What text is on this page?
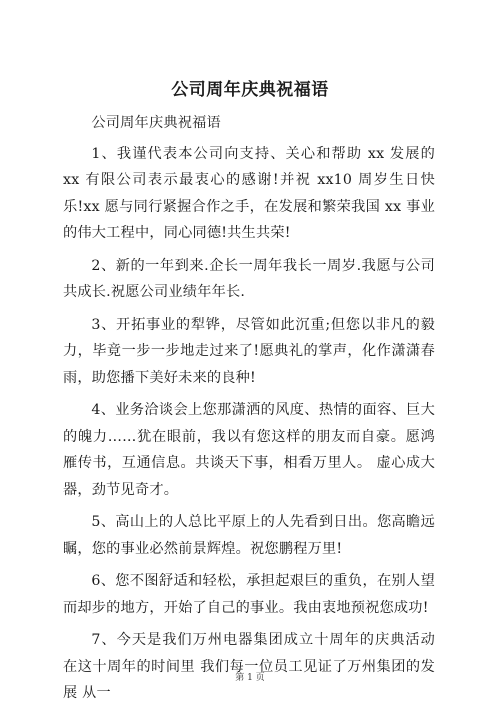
公司周年庆典祝福语

公司周年庆典祝福语

1、我谨代表本公司向支持、关心和帮助 xx 发展的 xx 有限公司表示最衷心的感谢!并祝 xx10 周岁生日快乐!xx 愿与同行紧握合作之手，在发展和繁荣我国 xx 事业的伟大工程中，同心同德!共生共荣!

2、新的一年到来.企长一周年我长一周岁.我愿与公司共成长.祝愿公司业绩年年长.

3、开拓事业的犁铧，尽管如此沉重;但您以非凡的毅力，毕竟一步一步地走过来了!愿典礼的掌声，化作潇潇春雨，助您播下美好未来的良种!

4、业务洽谈会上您那潇洒的风度、热情的面容、巨大的魄力……犹在眼前，我以有您这样的朋友而自豪。愿鸿雁传书，互通信息。共谈天下事，相看万里人。 虚心成大器，劲节见奇才。

5、高山上的人总比平原上的人先看到日出。您高瞻远瞩，您的事业必然前景辉煌。祝您鹏程万里!

6、您不图舒适和轻松，承担起艰巨的重负，在别人望而却步的地方，开始了自己的事业。我由衷地预祝您成功!

7、今天是我们万州电器集团成立十周年的庆典活动 在这十周年的时间里 我们每一位员工见证了万州集团的发展 从一

第 1 页
